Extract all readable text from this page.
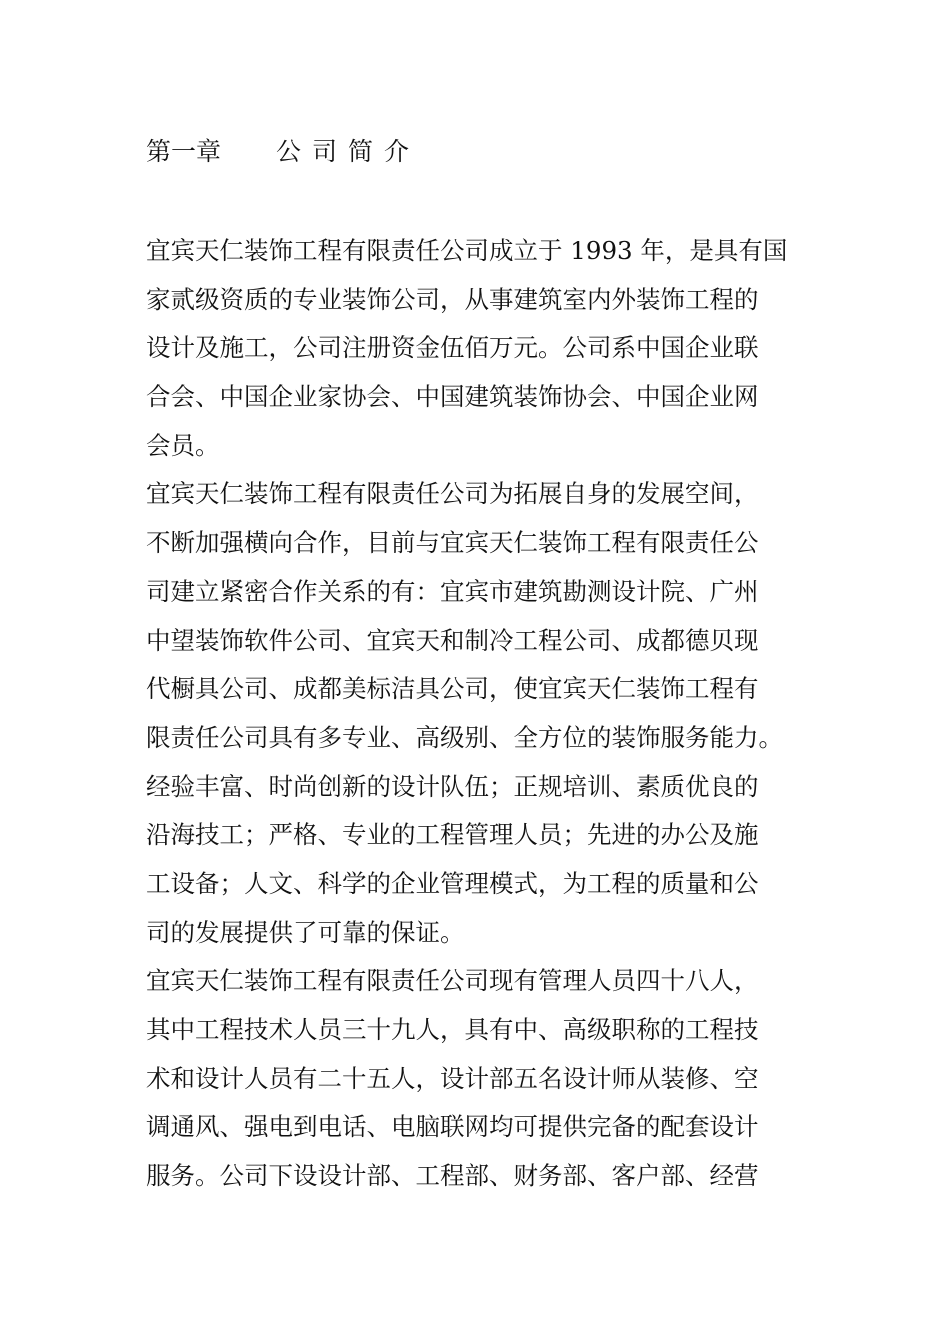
第一章 公司简介
宜宾天仁装饰工程有限责任公司成立于 1993 年，是具有国
家贰级资质的专业装饰公司，从事建筑室内外装饰工程的
设计及施工，公司注册资金伍佰万元。公司系中国企业联
合会、中国企业家协会、中国建筑装饰协会、中国企业网
会员。
宜宾天仁装饰工程有限责任公司为拓展自身的发展空间，
不断加强横向合作，目前与宜宾天仁装饰工程有限责任公
司建立紧密合作关系的有：宜宾市建筑勘测设计院、广州
中望装饰软件公司、宜宾天和制冷工程公司、成都德贝现
代橱具公司、成都美标洁具公司，使宜宾天仁装饰工程有
限责任公司具有多专业、高级别、全方位的装饰服务能力。
经验丰富、时尚创新的设计队伍；正规培训、素质优良的
沿海技工；严格、专业的工程管理人员；先进的办公及施
工设备；人文、科学的企业管理模式，为工程的质量和公
司的发展提供了可靠的保证。
宜宾天仁装饰工程有限责任公司现有管理人员四十八人，
其中工程技术人员三十九人，具有中、高级职称的工程技
术和设计人员有二十五人，设计部五名设计师从装修、空
调通风、强电到电话、电脑联网均可提供完备的配套设计
服务。公司下设设计部、工程部、财务部、客户部、经营
